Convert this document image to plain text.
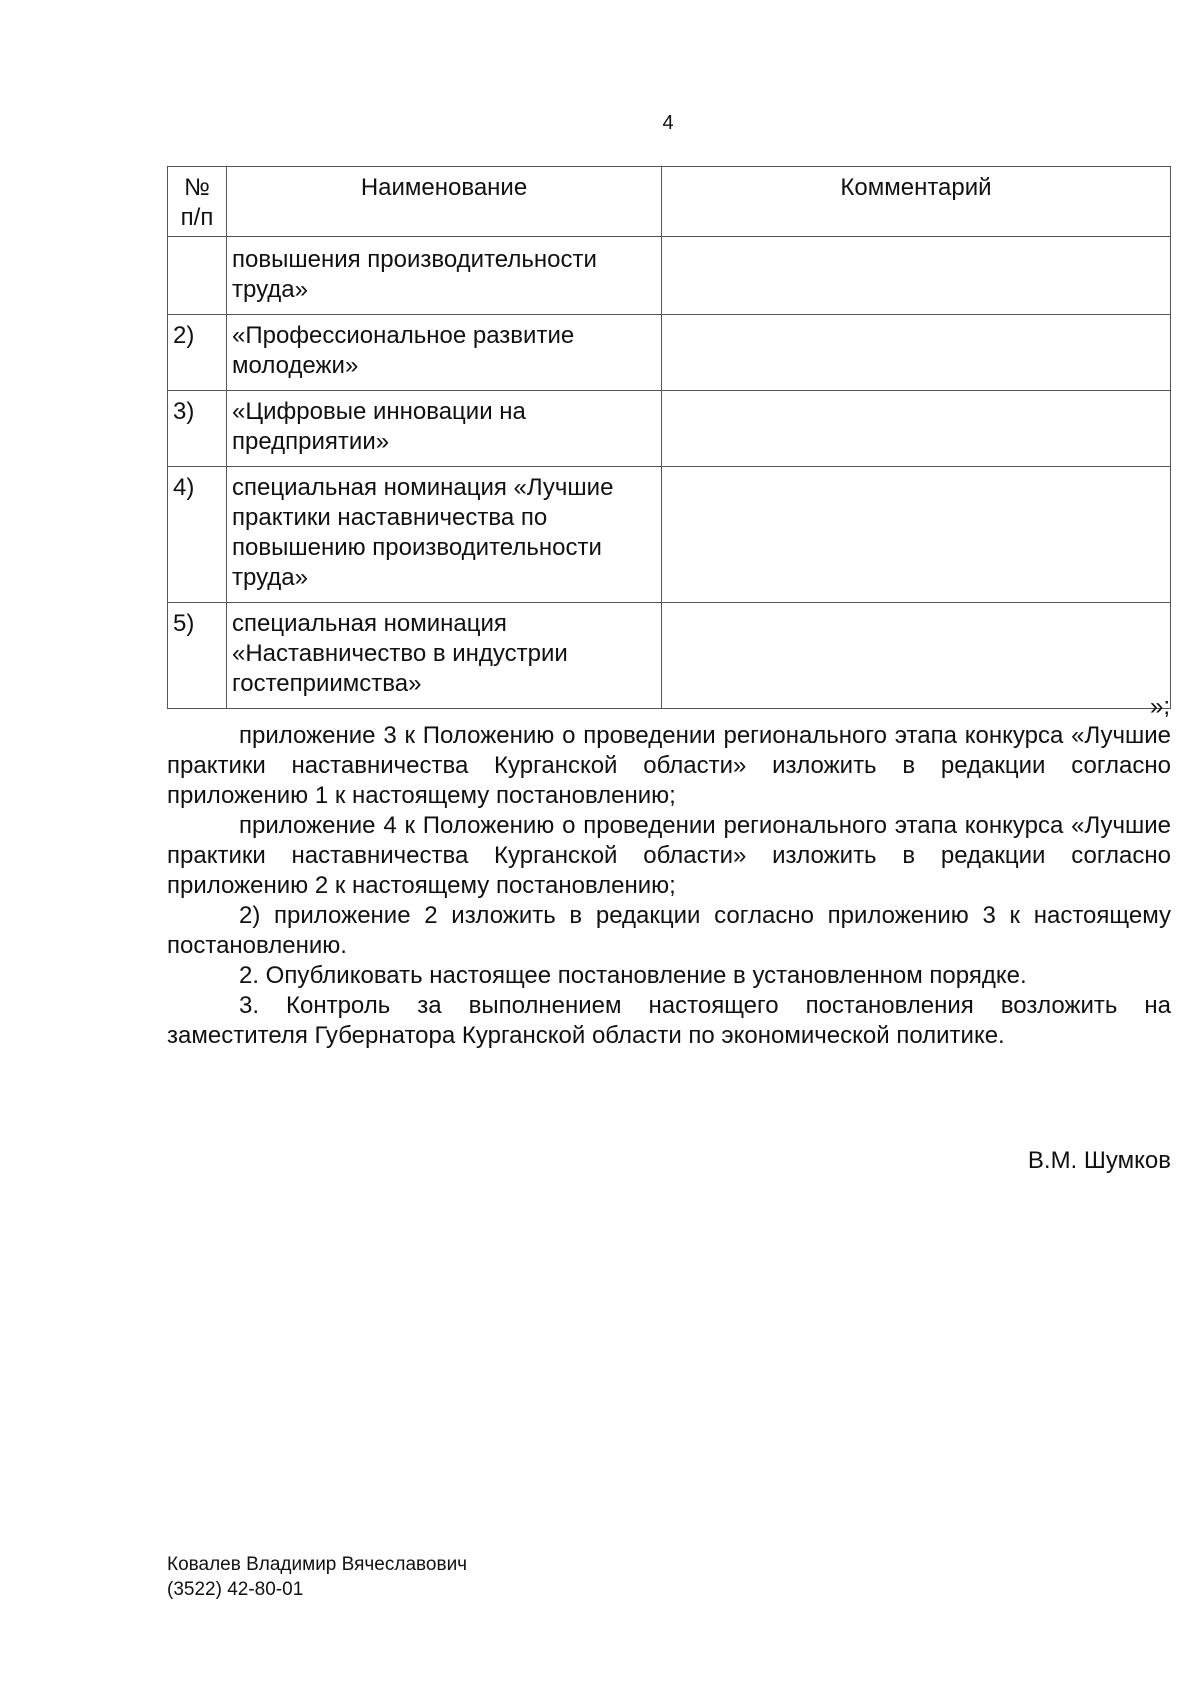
4
№
п/п	Наименование	Комментарий
	повышения производительности труда»	
2)	«Профессиональное развитие молодежи»	
3)	«Цифровые инновации на предприятии»	
4)	специальная номинация «Лучшие практики наставничества по повышению производительности труда»	
5)	специальная номинация «Наставничество в индустрии гостеприимства»	
»;

приложение 3 к Положению о проведении регионального этапа конкурса «Лучшие практики наставничества Курганской области» изложить в редакции согласно приложению 1 к настоящему постановлению;

приложение 4 к Положению о проведении регионального этапа конкурса «Лучшие практики наставничества Курганской области» изложить в редакции согласно приложению 2 к настоящему постановлению;

2) приложение 2 изложить в редакции согласно приложению 3 к настоящему постановлению.

2. Опубликовать настоящее постановление в установленном порядке.

3. Контроль за выполнением настоящего постановления возложить на заместителя Губернатора Курганской области по экономической политике.

В.М. Шумков
Ковалев Владимир Вячеславович
(3522) 42-80-01
